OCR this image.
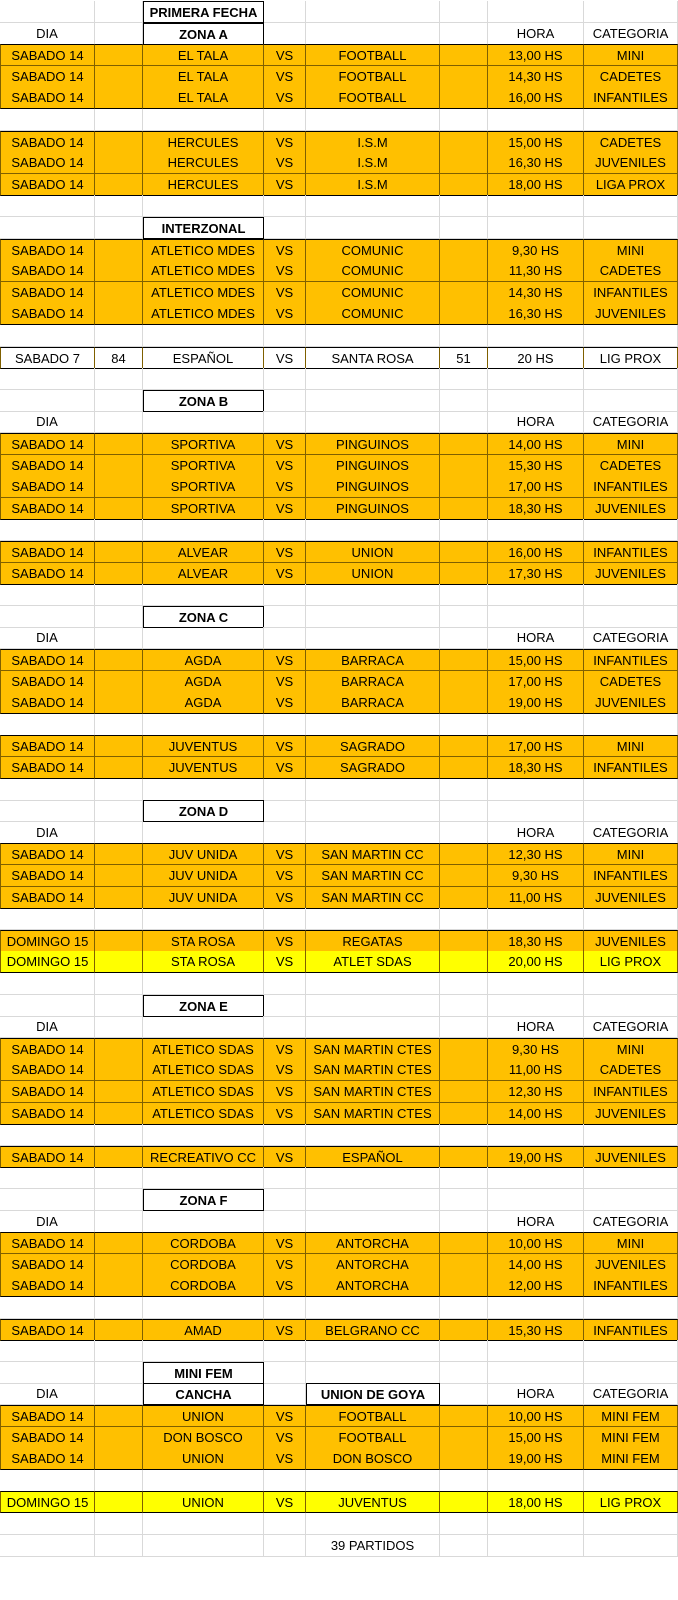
PRIMERA FECHA
DIA	ZONA A	HORA	CATEGORIA
SABADO 14	EL TALA	VS	FOOTBALL	13,00 HS	MINI
SABADO 14	EL TALA	VS	FOOTBALL	14,30 HS	CADETES
SABADO 14	EL TALA	VS	FOOTBALL	16,00 HS	INFANTILES
SABADO 14	HERCULES	VS	I.S.M	15,00 HS	CADETES
SABADO 14	HERCULES	VS	I.S.M	16,30 HS	JUVENILES
SABADO 14	HERCULES	VS	I.S.M	18,00 HS	LIGA PROX
INTERZONAL
SABADO 14	ATLETICO MDES	VS	COMUNIC	9,30 HS	MINI
SABADO 14	ATLETICO MDES	VS	COMUNIC	11,30 HS	CADETES
SABADO 14	ATLETICO MDES	VS	COMUNIC	14,30 HS	INFANTILES
SABADO 14	ATLETICO MDES	VS	COMUNIC	16,30 HS	JUVENILES
SABADO 7	84	ESPAÑOL	VS	SANTA ROSA	51	20 HS	LIG PROX
ZONA B
DIA	HORA	CATEGORIA
SABADO 14	SPORTIVA	VS	PINGUINOS	14,00 HS	MINI
SABADO 14	SPORTIVA	VS	PINGUINOS	15,30 HS	CADETES
SABADO 14	SPORTIVA	VS	PINGUINOS	17,00 HS	INFANTILES
SABADO 14	SPORTIVA	VS	PINGUINOS	18,30 HS	JUVENILES
SABADO 14	ALVEAR	VS	UNION	16,00 HS	INFANTILES
SABADO 14	ALVEAR	VS	UNION	17,30 HS	JUVENILES
ZONA C
DIA	HORA	CATEGORIA
SABADO 14	AGDA	VS	BARRACA	15,00 HS	INFANTILES
SABADO 14	AGDA	VS	BARRACA	17,00 HS	CADETES
SABADO 14	AGDA	VS	BARRACA	19,00 HS	JUVENILES
SABADO 14	JUVENTUS	VS	SAGRADO	17,00 HS	MINI
SABADO 14	JUVENTUS	VS	SAGRADO	18,30 HS	INFANTILES
ZONA D
DIA	HORA	CATEGORIA
SABADO 14	JUV UNIDA	VS	SAN MARTIN CC	12,30 HS	MINI
SABADO 14	JUV UNIDA	VS	SAN MARTIN CC	9,30 HS	INFANTILES
SABADO 14	JUV UNIDA	VS	SAN MARTIN CC	11,00 HS	JUVENILES
DOMINGO 15	STA ROSA	VS	REGATAS	18,30 HS	JUVENILES
DOMINGO 15	STA ROSA	VS	ATLET SDAS	20,00 HS	LIG PROX
ZONA E
DIA	HORA	CATEGORIA
SABADO 14	ATLETICO SDAS	VS	SAN MARTIN CTES	9,30 HS	MINI
SABADO 14	ATLETICO SDAS	VS	SAN MARTIN CTES	11,00 HS	CADETES
SABADO 14	ATLETICO SDAS	VS	SAN MARTIN CTES	12,30 HS	INFANTILES
SABADO 14	ATLETICO SDAS	VS	SAN MARTIN CTES	14,00 HS	JUVENILES
SABADO 14	RECREATIVO CC	VS	ESPAÑOL	19,00 HS	JUVENILES
ZONA F
DIA	HORA	CATEGORIA
SABADO 14	CORDOBA	VS	ANTORCHA	10,00 HS	MINI
SABADO 14	CORDOBA	VS	ANTORCHA	14,00 HS	JUVENILES
SABADO 14	CORDOBA	VS	ANTORCHA	12,00 HS	INFANTILES
SABADO 14	AMAD	VS	BELGRANO CC	15,30 HS	INFANTILES
MINI FEM
DIA	CANCHA	UNION DE GOYA	HORA	CATEGORIA
SABADO 14	UNION	VS	FOOTBALL	10,00 HS	MINI FEM
SABADO 14	DON BOSCO	VS	FOOTBALL	15,00 HS	MINI FEM
SABADO 14	UNION	VS	DON BOSCO	19,00 HS	MINI FEM
DOMINGO 15	UNION	VS	JUVENTUS	18,00 HS	LIG PROX
39 PARTIDOS
